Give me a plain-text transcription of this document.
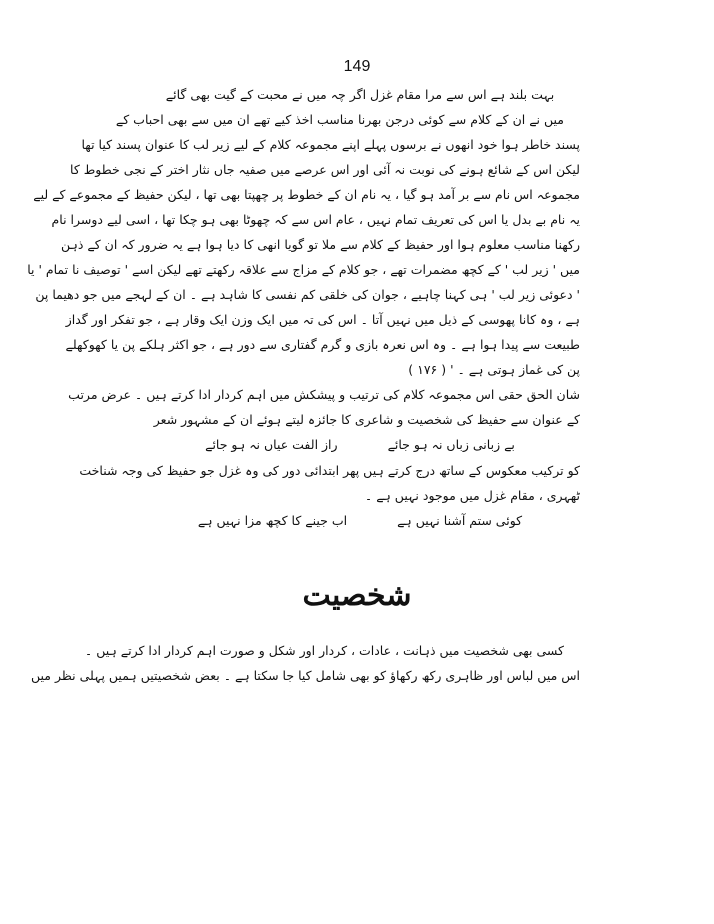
149
بہت بلند ہے اس سے مرا مقام غزل اگر چہ میں نے محبت کے گیت بھی گائے
میں نے ان کے کلام سے کوئی درجن بھرنا مناسب اخذ کیے تھے ان میں سے بھی احباب کے
پسند خاطر ہوا خود انھوں نے برسوں پہلے اپنے مجموعہ کلام کے لیے زیر لب کا عنوان پسند کیا تھا
لیکن اس کے شائع ہونے کی نوبت نہ آئی اور اس عرصے میں صفیہ جاں نثار اختر کے نجی خطوط کا
مجموعہ اس نام سے بر آمد ہو گیا ، یہ نام ان کے خطوط پر چھپتا بھی تھا ، لیکن حفیظ کے مجموعے کے لیے
یہ نام بے بدل یا اس کی تعریف تمام نہیں ، عام اس سے کہ چھوٹا بھی ہو چکا تھا ، اسی لیے دوسرا نام
رکھنا مناسب معلوم ہوا اور حفیظ کے کلام سے ملا تو گویا انھی کا دیا ہوا ہے یہ ضرور کہ ان کے ذہن
میں ' زیر لب ' کے کچھ مضمرات تھے ، جو کلام کے مزاج سے علاقہ رکھتے تھے لیکن اسے ' توصیف نا تمام ' یا
' دعوئی زیر لب ' ہی کہنا چاہیے ، جوان کی خلقی کم نفسی کا شاہد ہے ۔ ان کے لہجے میں جو دھیما پن
ہے ، وہ کانا پھوسی کے ذیل میں نہیں آتا ۔ اس کی تہ میں ایک وزن ایک وقار ہے ، جو تفکر اور گداز
طبیعت سے پیدا ہوا ہے ۔ وہ اس نعرہ بازی و گرم گفتاری سے دور ہے ، جو اکثر ہلکے پن یا کھوکھلے
پن کی غماز ہوتی ہے ۔ ' ( ۱۷۶ )
شان الحق حقی اس مجموعہ کلام کی ترتیب و پیشکش میں اہم کردار ادا کرتے ہیں ۔ عرض مرتب
کے عنوان سے حفیظ کی شخصیت و شاعری کا جائزہ لیتے ہوئے ان کے مشہور شعر
بے زبانی زباں نہ ہو جائے
راز الفت عیاں نہ ہو جائے
کو ترکیب معکوس کے ساتھ درج کرتے ہیں پھر ابتدائی دور کی وہ غزل جو حفیظ کی وجہ شناخت
ٹھہری ، مقام غزل میں موجود نہیں ہے ۔
کوئی ستم آشنا نہیں ہے
اب جینے کا کچھ مزا نہیں ہے
شخصیت
کسی بھی شخصیت میں ذہانت ، عادات ، کردار اور شکل و صورت اہم کردار ادا کرتے ہیں ۔
اس میں لباس اور ظاہری رکھ رکھاؤ کو بھی شامل کیا جا سکتا ہے ۔ بعض شخصیتیں ہمیں پہلی نظر میں
